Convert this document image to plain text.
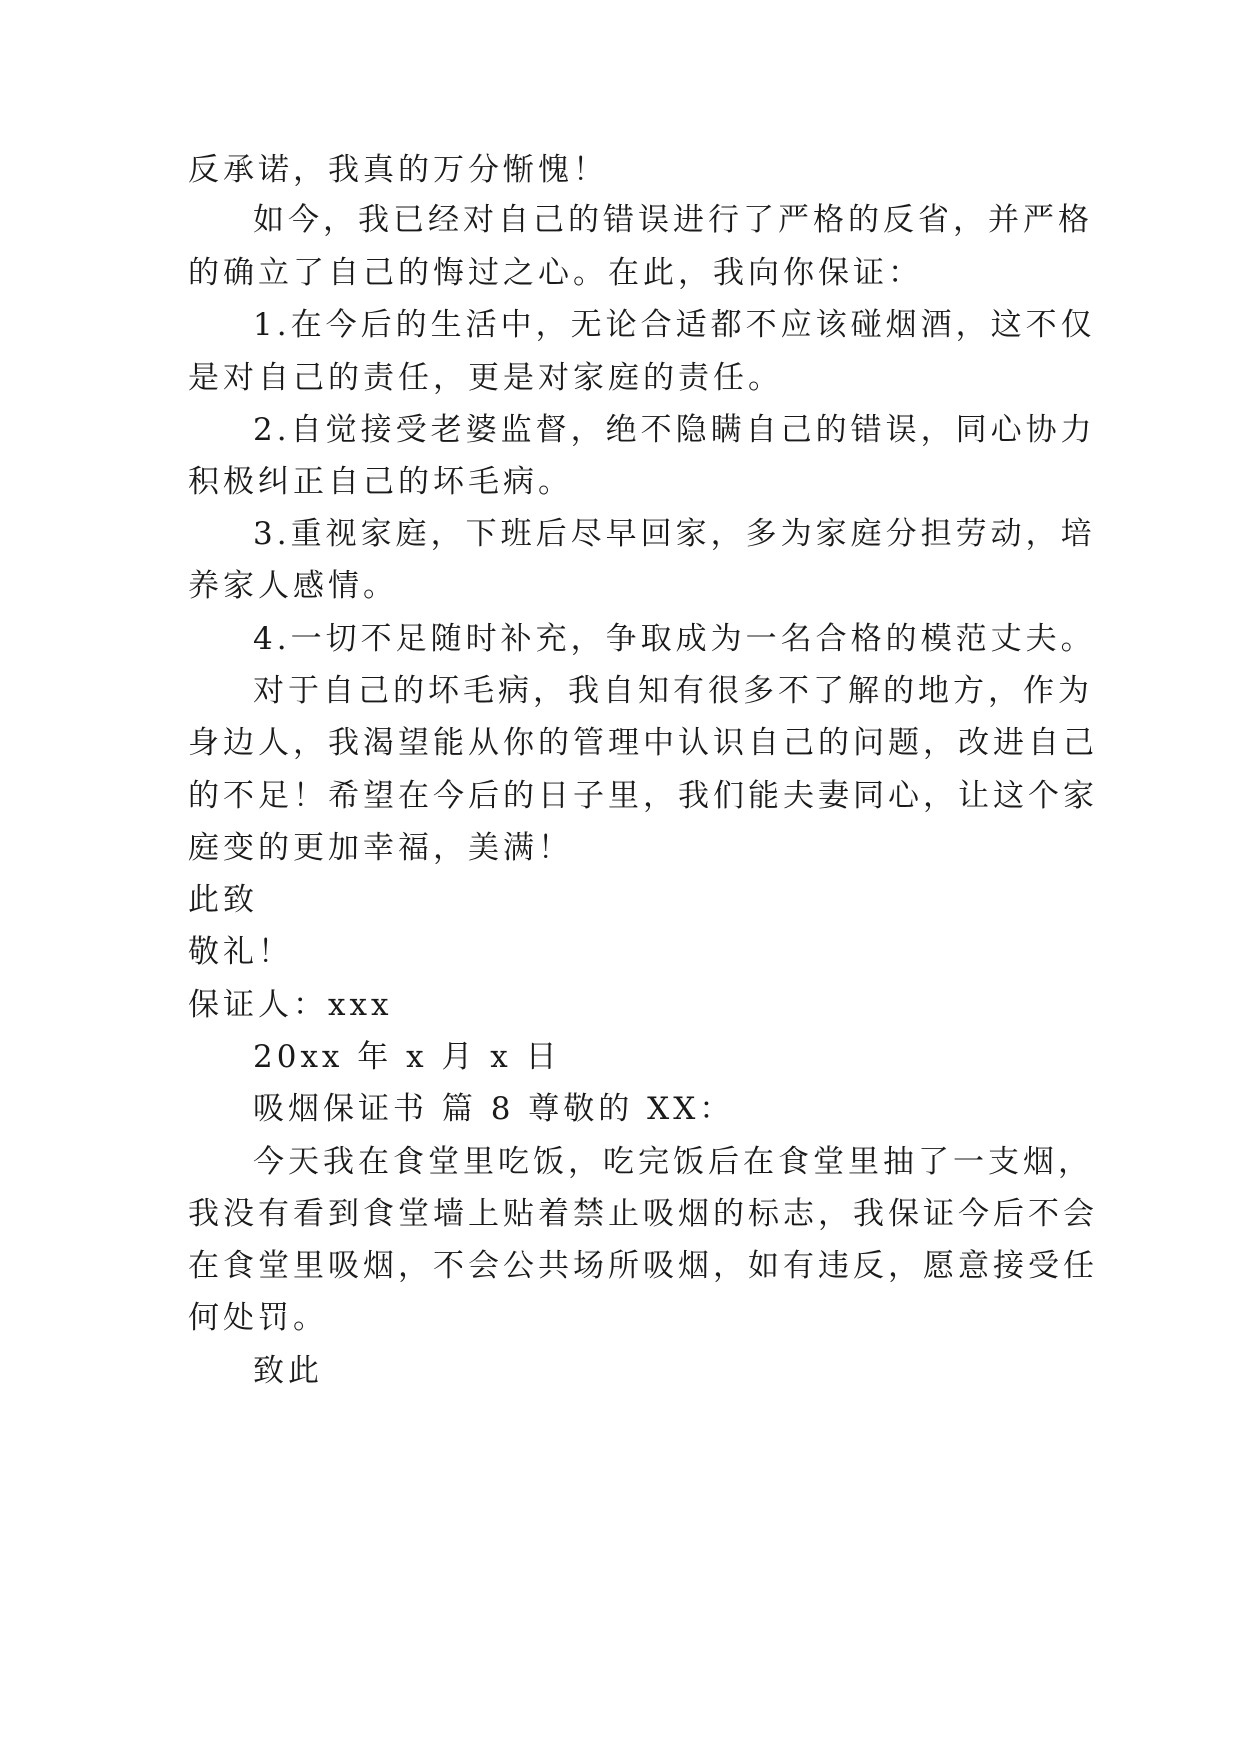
反承诺，我真的万分惭愧！
如今，我已经对自己的错误进行了严格的反省，并严格
的确立了自己的悔过之心。在此，我向你保证：
1.在今后的生活中，无论合适都不应该碰烟酒，这不仅
是对自己的责任，更是对家庭的责任。
2.自觉接受老婆监督，绝不隐瞒自己的错误，同心协力
积极纠正自己的坏毛病。
3.重视家庭，下班后尽早回家，多为家庭分担劳动，培
养家人感情。
4.一切不足随时补充，争取成为一名合格的模范丈夫。
对于自己的坏毛病，我自知有很多不了解的地方，作为
身边人，我渴望能从你的管理中认识自己的问题，改进自己
的不足！希望在今后的日子里，我们能夫妻同心，让这个家
庭变的更加幸福，美满！
此致
敬礼！
保证人：xxx
20xx 年 x 月 x 日
吸烟保证书 篇 8 尊敬的 XX：
今天我在食堂里吃饭，吃完饭后在食堂里抽了一支烟，
我没有看到食堂墙上贴着禁止吸烟的标志，我保证今后不会
在食堂里吸烟，不会公共场所吸烟，如有违反，愿意接受任
何处罚。
致此
